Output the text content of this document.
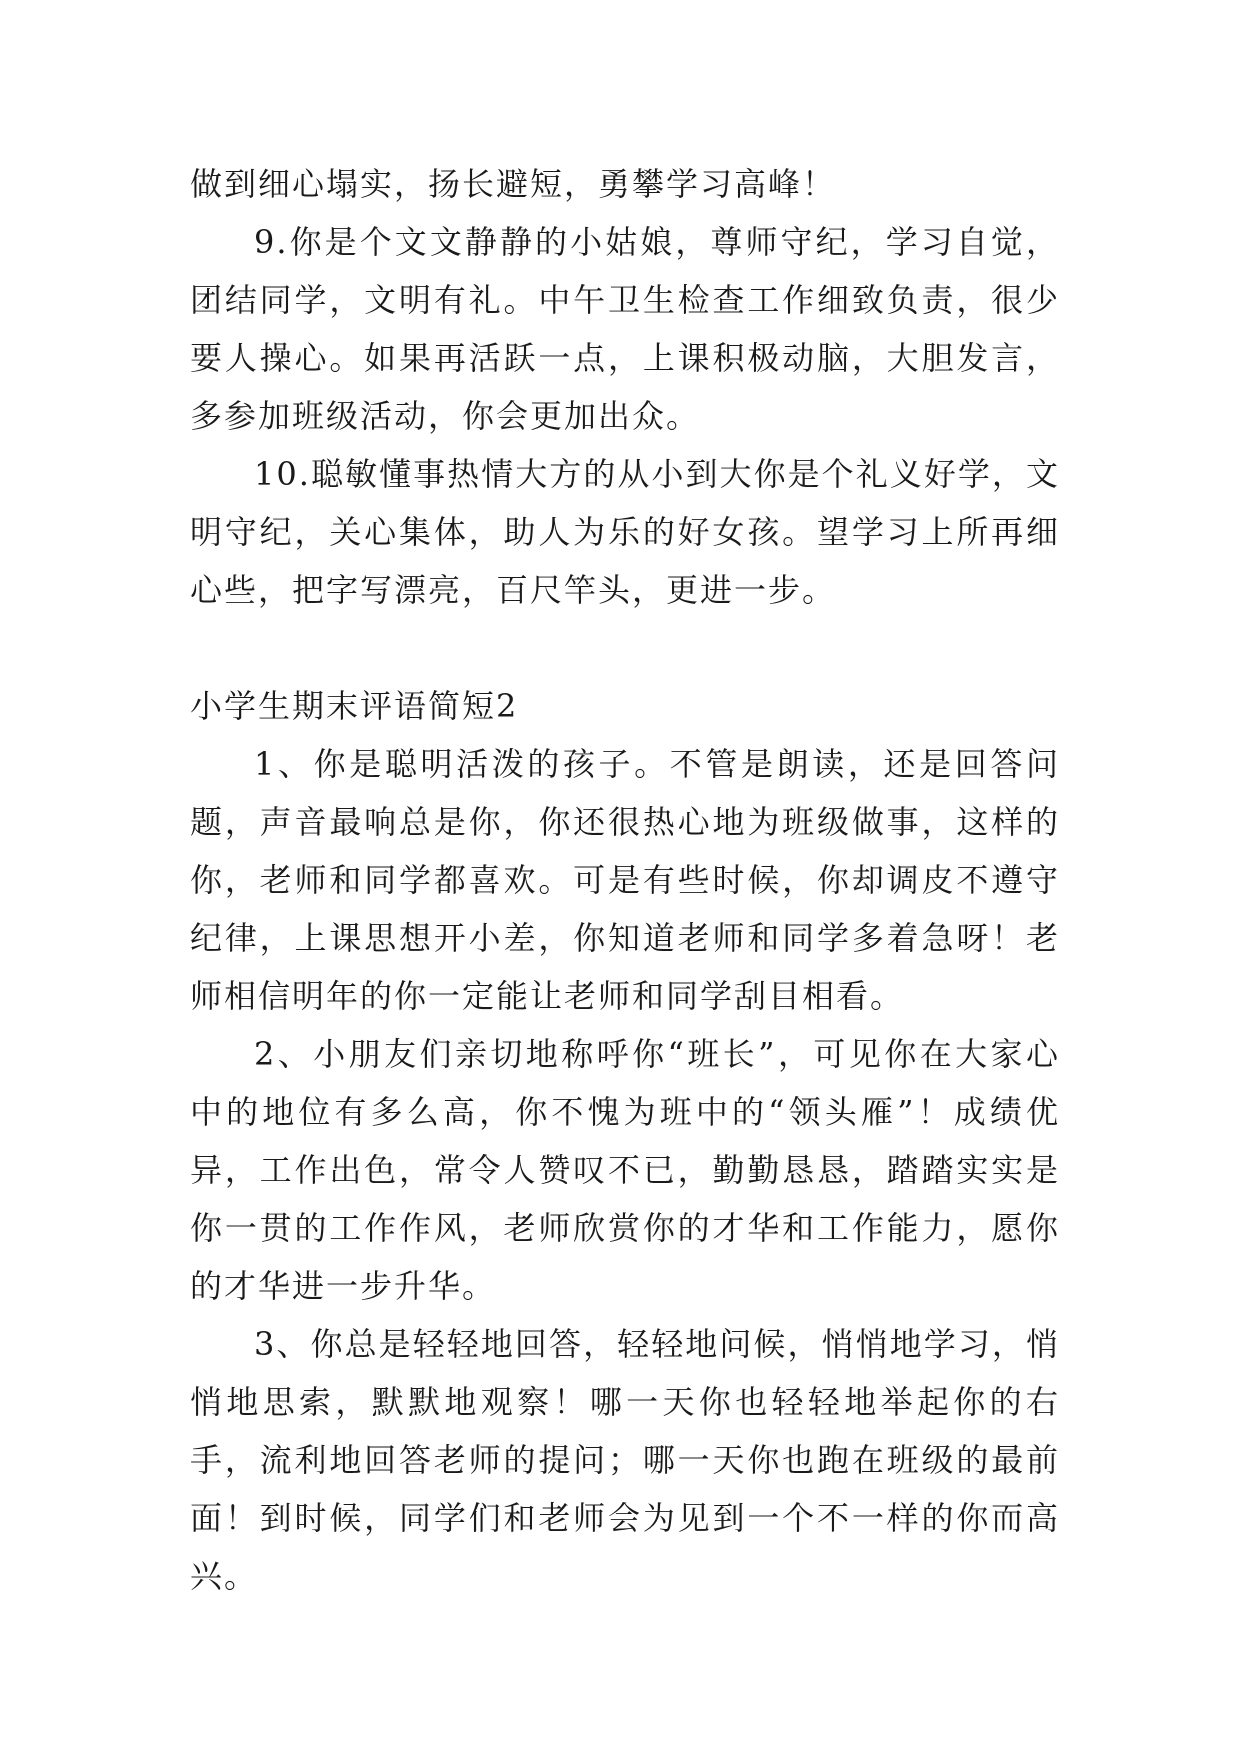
做到细心塌实，扬长避短，勇攀学习高峰！

9.你是个文文静静的小姑娘，尊师守纪，学习自觉，团结同学，文明有礼。中午卫生检查工作细致负责，很少要人操心。如果再活跃一点，上课积极动脑，大胆发言，多参加班级活动，你会更加出众。

10.聪敏懂事热情大方的从小到大你是个礼义好学，文明守纪，关心集体，助人为乐的好女孩。望学习上所再细心些，把字写漂亮，百尺竿头，更进一步。

小学生期末评语简短2

1、你是聪明活泼的孩子。不管是朗读，还是回答问题，声音最响总是你，你还很热心地为班级做事，这样的你，老师和同学都喜欢。可是有些时候，你却调皮不遵守纪律，上课思想开小差，你知道老师和同学多着急呀！老师相信明年的你一定能让老师和同学刮目相看。

2、小朋友们亲切地称呼你“班长”，可见你在大家心中的地位有多么高，你不愧为班中的“领头雁”！成绩优异，工作出色，常令人赞叹不已，勤勤恳恳，踏踏实实是你一贯的工作作风，老师欣赏你的才华和工作能力，愿你的才华进一步升华。

3、你总是轻轻地回答，轻轻地问候，悄悄地学习，悄悄地思索，默默地观察！哪一天你也轻轻地举起你的右手，流利地回答老师的提问；哪一天你也跑在班级的最前面！到时候，同学们和老师会为见到一个不一样的你而高兴。
